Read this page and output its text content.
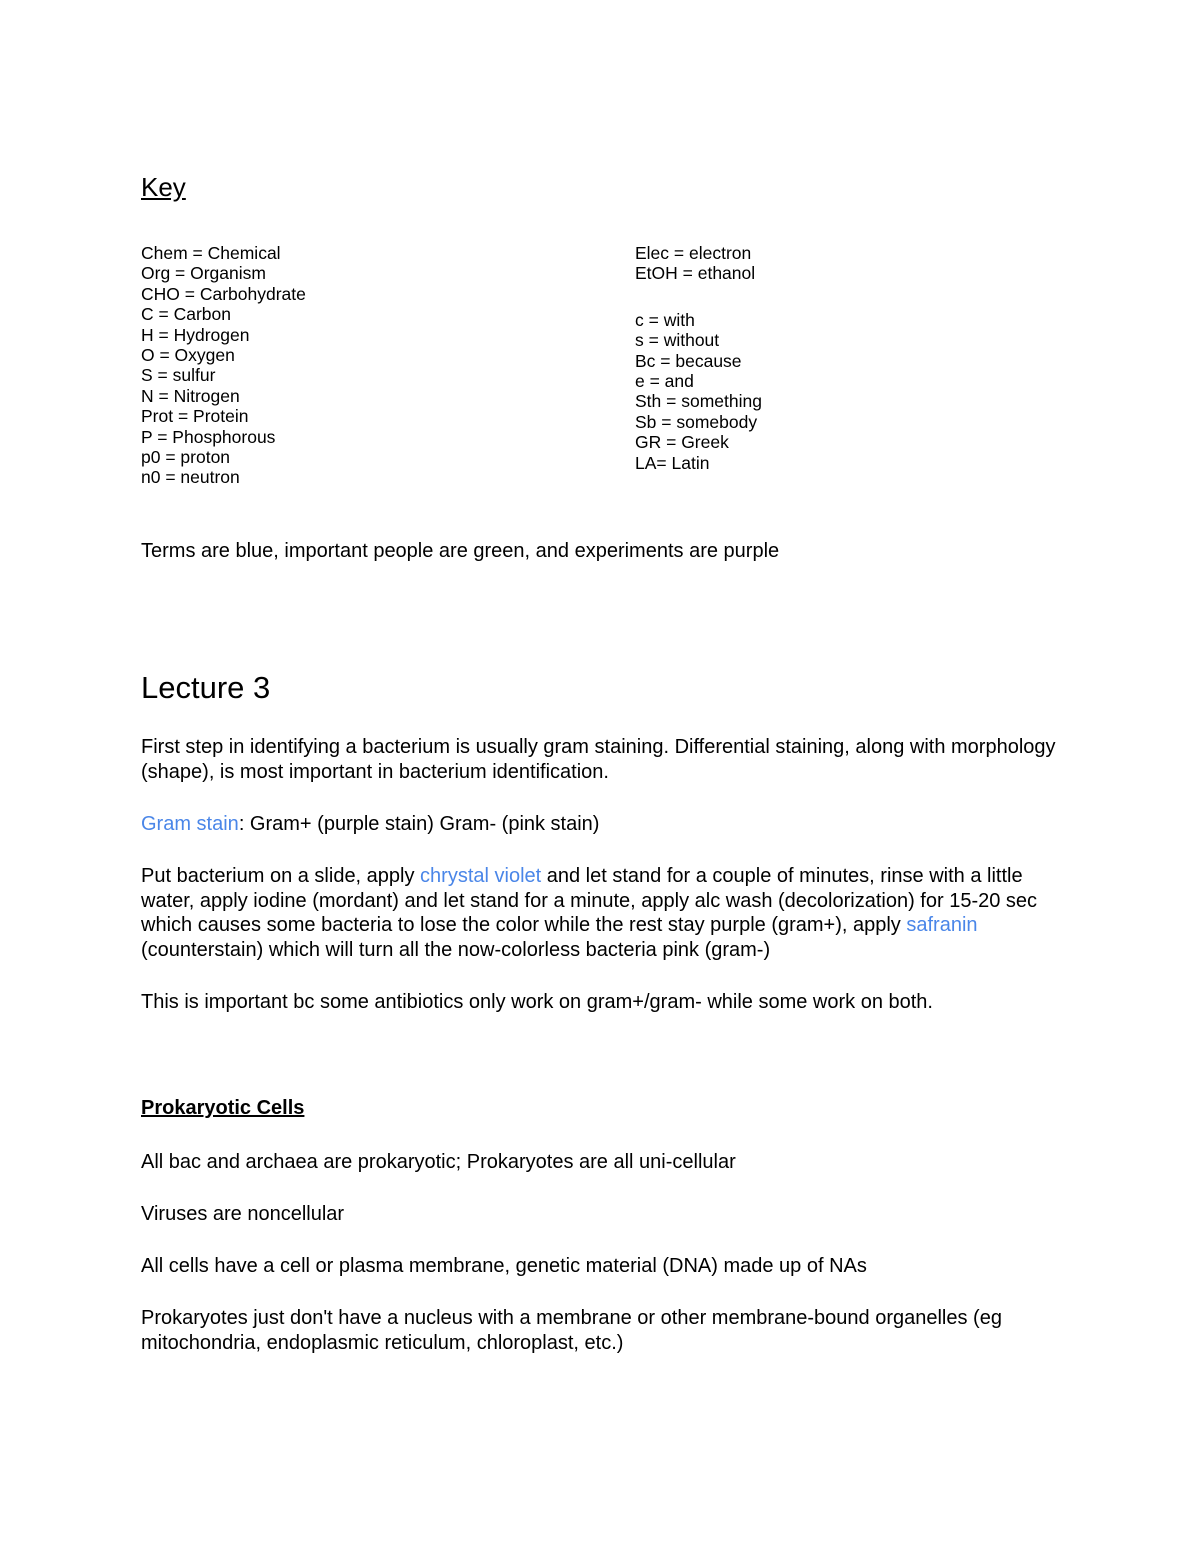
Key
Chem = Chemical
Org = Organism
CHO = Carbohydrate
C = Carbon
H = Hydrogen
O = Oxygen
S = sulfur
N = Nitrogen
Prot = Protein
P = Phosphorous
p0 = proton
n0 = neutron
Elec = electron
EtOH = ethanol
c = with
s = without
Bc = because
e = and
Sth = something
Sb = somebody
GR = Greek
LA= Latin

Terms are blue, important people are green, and experiments are purple

Lecture 3

First step in identifying a bacterium is usually gram staining. Differential staining, along with morphology (shape), is most important in bacterium identification.

Gram stain: Gram+ (purple stain) Gram- (pink stain)

Put bacterium on a slide, apply chrystal violet and let stand for a couple of minutes, rinse with a little water, apply iodine (mordant) and let stand for a minute, apply alc wash (decolorization) for 15-20 sec which causes some bacteria to lose the color while the rest stay purple (gram+), apply safranin (counterstain) which will turn all the now-colorless bacteria pink (gram-)

This is important bc some antibiotics only work on gram+/gram- while some work on both.

Prokaryotic Cells

All bac and archaea are prokaryotic; Prokaryotes are all uni-cellular

Viruses are noncellular

All cells have a cell or plasma membrane, genetic material (DNA) made up of NAs

Prokaryotes just don't have a nucleus with a membrane or other membrane-bound organelles (eg mitochondria, endoplasmic reticulum, chloroplast, etc.)
